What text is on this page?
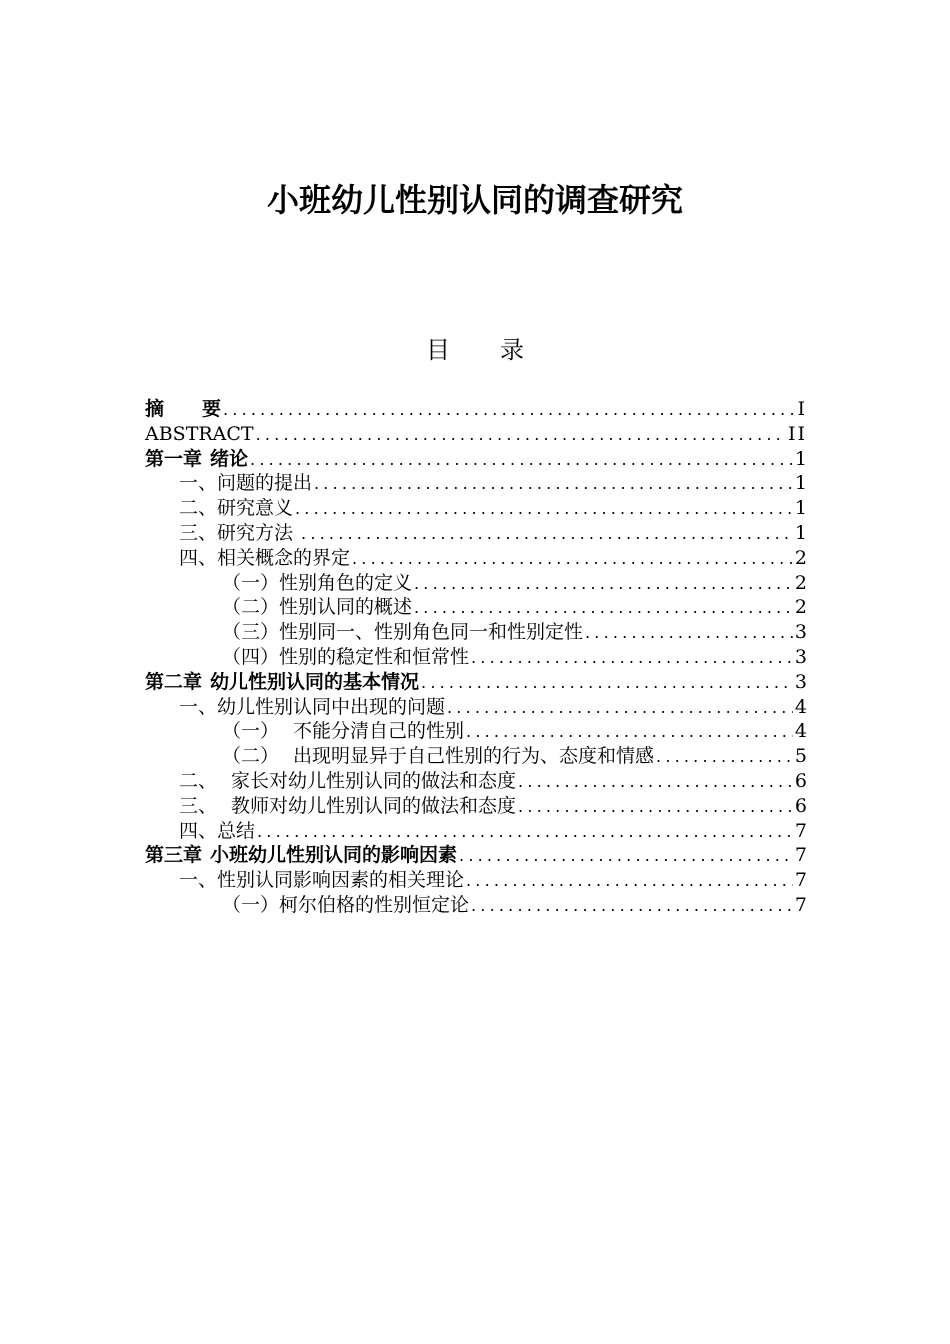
小班幼儿性别认同的调查研究
目 录
摘　　要 .....	I
ABSTRACT .....	II
第一章 绪论 .....	1
一、问题的提出 .....	1
二、研究意义 .....	1
三、研究方法 .....	1
四、相关概念的界定 .....	2
（一）性别角色的定义 .....	2
（二）性别认同的概述 .....	2
（三）性别同一、性别角色同一和性别定性 .....	3
（四）性别的稳定性和恒常性 .....	3
第二章 幼儿性别认同的基本情况 .....	3
一、幼儿性别认同中出现的问题 .....	4
（一） 不能分清自己的性别 .....	4
（二） 出现明显异于自己性别的行为、态度和情感 .....	5
二、 家长对幼儿性别认同的做法和态度 .....	6
三、 教师对幼儿性别认同的做法和态度 .....	6
四、总结 .....	7
第三章 小班幼儿性别认同的影响因素 .....	7
一、性别认同影响因素的相关理论 .....	7
（一）柯尔伯格的性别恒定论 .....	7
